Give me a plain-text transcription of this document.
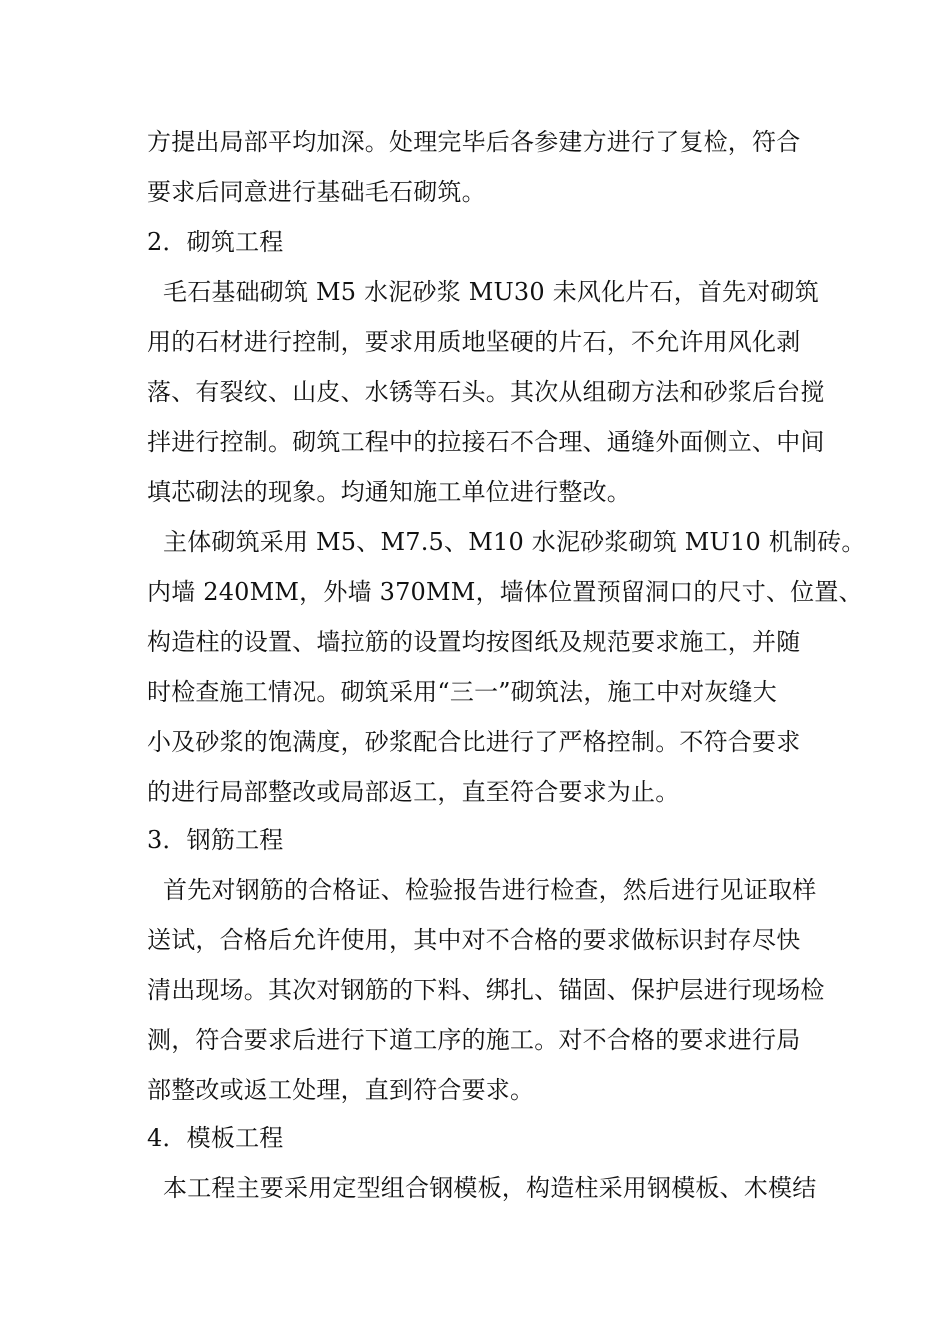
方提出局部平均加深。处理完毕后各参建方进行了复检，符合
要求后同意进行基础毛石砌筑。
2．砌筑工程
毛石基础砌筑 M5 水泥砂浆 MU30 未风化片石，首先对砌筑
用的石材进行控制，要求用质地坚硬的片石，不允许用风化剥
落、有裂纹、山皮、水锈等石头。其次从组砌方法和砂浆后台搅
拌进行控制。砌筑工程中的拉接石不合理、通缝外面侧立、中间
填芯砌法的现象。均通知施工单位进行整改。
主体砌筑采用 M5、M7.5、M10 水泥砂浆砌筑 MU10 机制砖。
内墙 240MM，外墙 370MM，墙体位置预留洞口的尺寸、位置、
构造柱的设置、墙拉筋的设置均按图纸及规范要求施工，并随
时检查施工情况。砌筑采用“三一”砌筑法，施工中对灰缝大
小及砂浆的饱满度，砂浆配合比进行了严格控制。不符合要求
的进行局部整改或局部返工，直至符合要求为止。
3．钢筋工程
首先对钢筋的合格证、检验报告进行检查，然后进行见证取样
送试，合格后允许使用，其中对不合格的要求做标识封存尽快
清出现场。其次对钢筋的下料、绑扎、锚固、保护层进行现场检
测，符合要求后进行下道工序的施工。对不合格的要求进行局
部整改或返工处理，直到符合要求。
4．模板工程
本工程主要采用定型组合钢模板，构造柱采用钢模板、木模结
